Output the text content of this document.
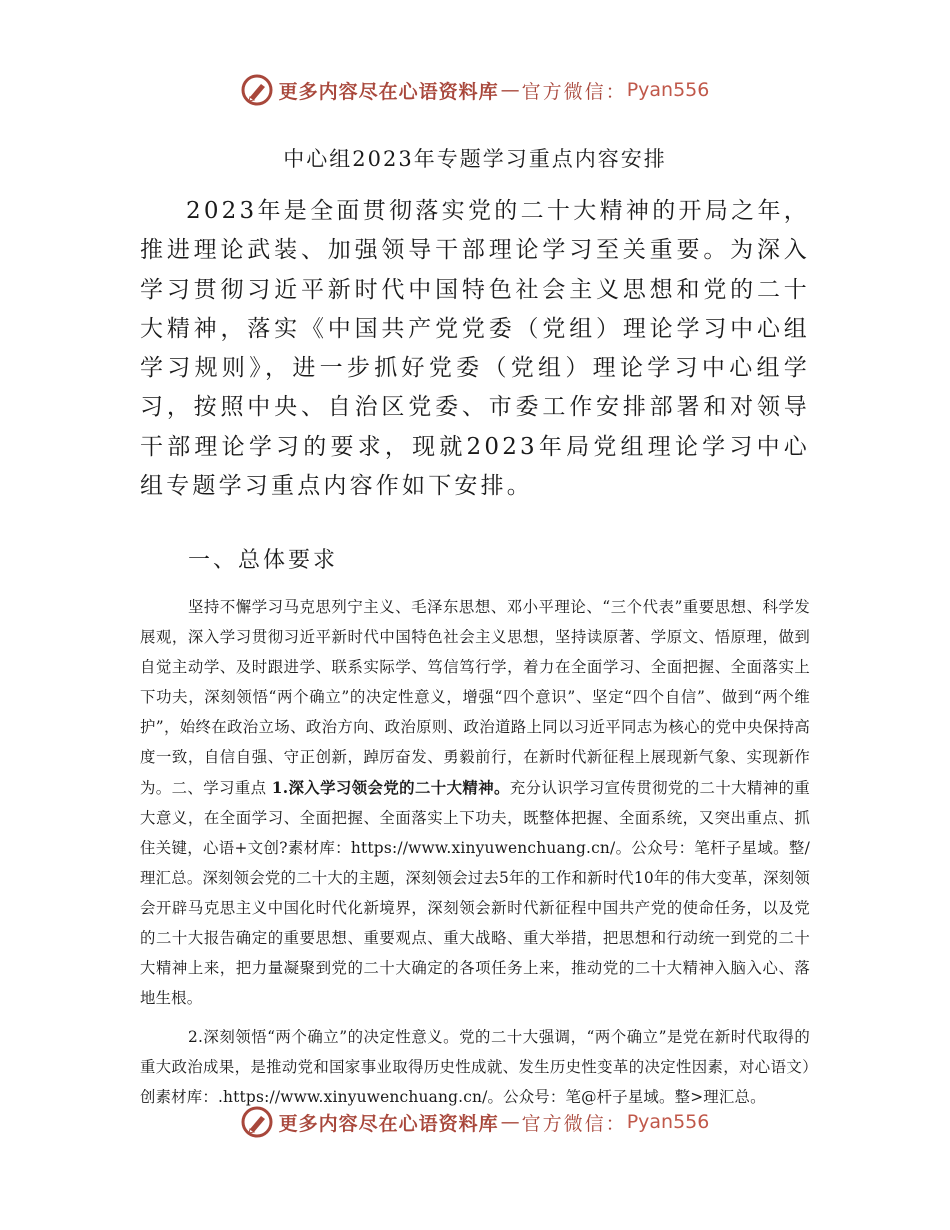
更多内容尽在心语资料库 — 官方微信： Pyan556
中心组2023年专题学习重点内容安排

2023年是全面贯彻落实党的二十大精神的开局之年，推进理论武装、加强领导干部理论学习至关重要。为深入学习贯彻习近平新时代中国特色社会主义思想和党的二十大精神，落实《中国共产党党委（党组）理论学习中心组学习规则》，进一步抓好党委（党组）理论学习中心组学习，按照中央、自治区党委、市委工作安排部署和对领导干部理论学习的要求，现就2023年局党组理论学习中心组专题学习重点内容作如下安排。

一、总体要求

坚持不懈学习马克思列宁主义、毛泽东思想、邓小平理论、“三个代表”重要思想、科学发展观，深入学习贯彻习近平新时代中国特色社会主义思想，坚持读原著、学原文、悟原理，做到自觉主动学、及时跟进学、联系实际学、笃信笃行学，着力在全面学习、全面把握、全面落实上下功夫，深刻领悟“两个确立”的决定性意义，增强“四个意识”、坚定“四个自信”、做到“两个维护”，始终在政治立场、政治方向、政治原则、政治道路上同以习近平同志为核心的党中央保持高度一致，自信自强、守正创新，踔厉奋发、勇毅前行，在新时代新征程上展现新气象、实现新作为。二、学习重点 1.深入学习领会党的二十大精神。充分认识学习宣传贯彻党的二十大精神的重大意义，在全面学习、全面把握、全面落实上下功夫，既整体把握、全面系统，又突出重点、抓住关键，心语+文创?素材库：https://www.xinyuwenchuang.cn/。公众号：笔杆子星域。整/理汇总。深刻领会党的二十大的主题，深刻领会过去5年的工作和新时代10年的伟大变革，深刻领会开辟马克思主义中国化时代化新境界，深刻领会新时代新征程中国共产党的使命任务，以及党的二十大报告确定的重要思想、重要观点、重大战略、重大举措，把思想和行动统一到党的二十大精神上来，把力量凝聚到党的二十大确定的各项任务上来，推动党的二十大精神入脑入心、落地生根。

2.深刻领悟“两个确立”的决定性意义。党的二十大强调，“两个确立”是党在新时代取得的重大政治成果，是推动党和国家事业取得历史性成就、发生历史性变革的决定性因素，对心语文）创素材库：.https://www.xinyuwenchuang.cn/。公众号：笔@杆子星域。整>理汇总。

更多内容尽在心语资料库 — 官方微信： Pyan556
